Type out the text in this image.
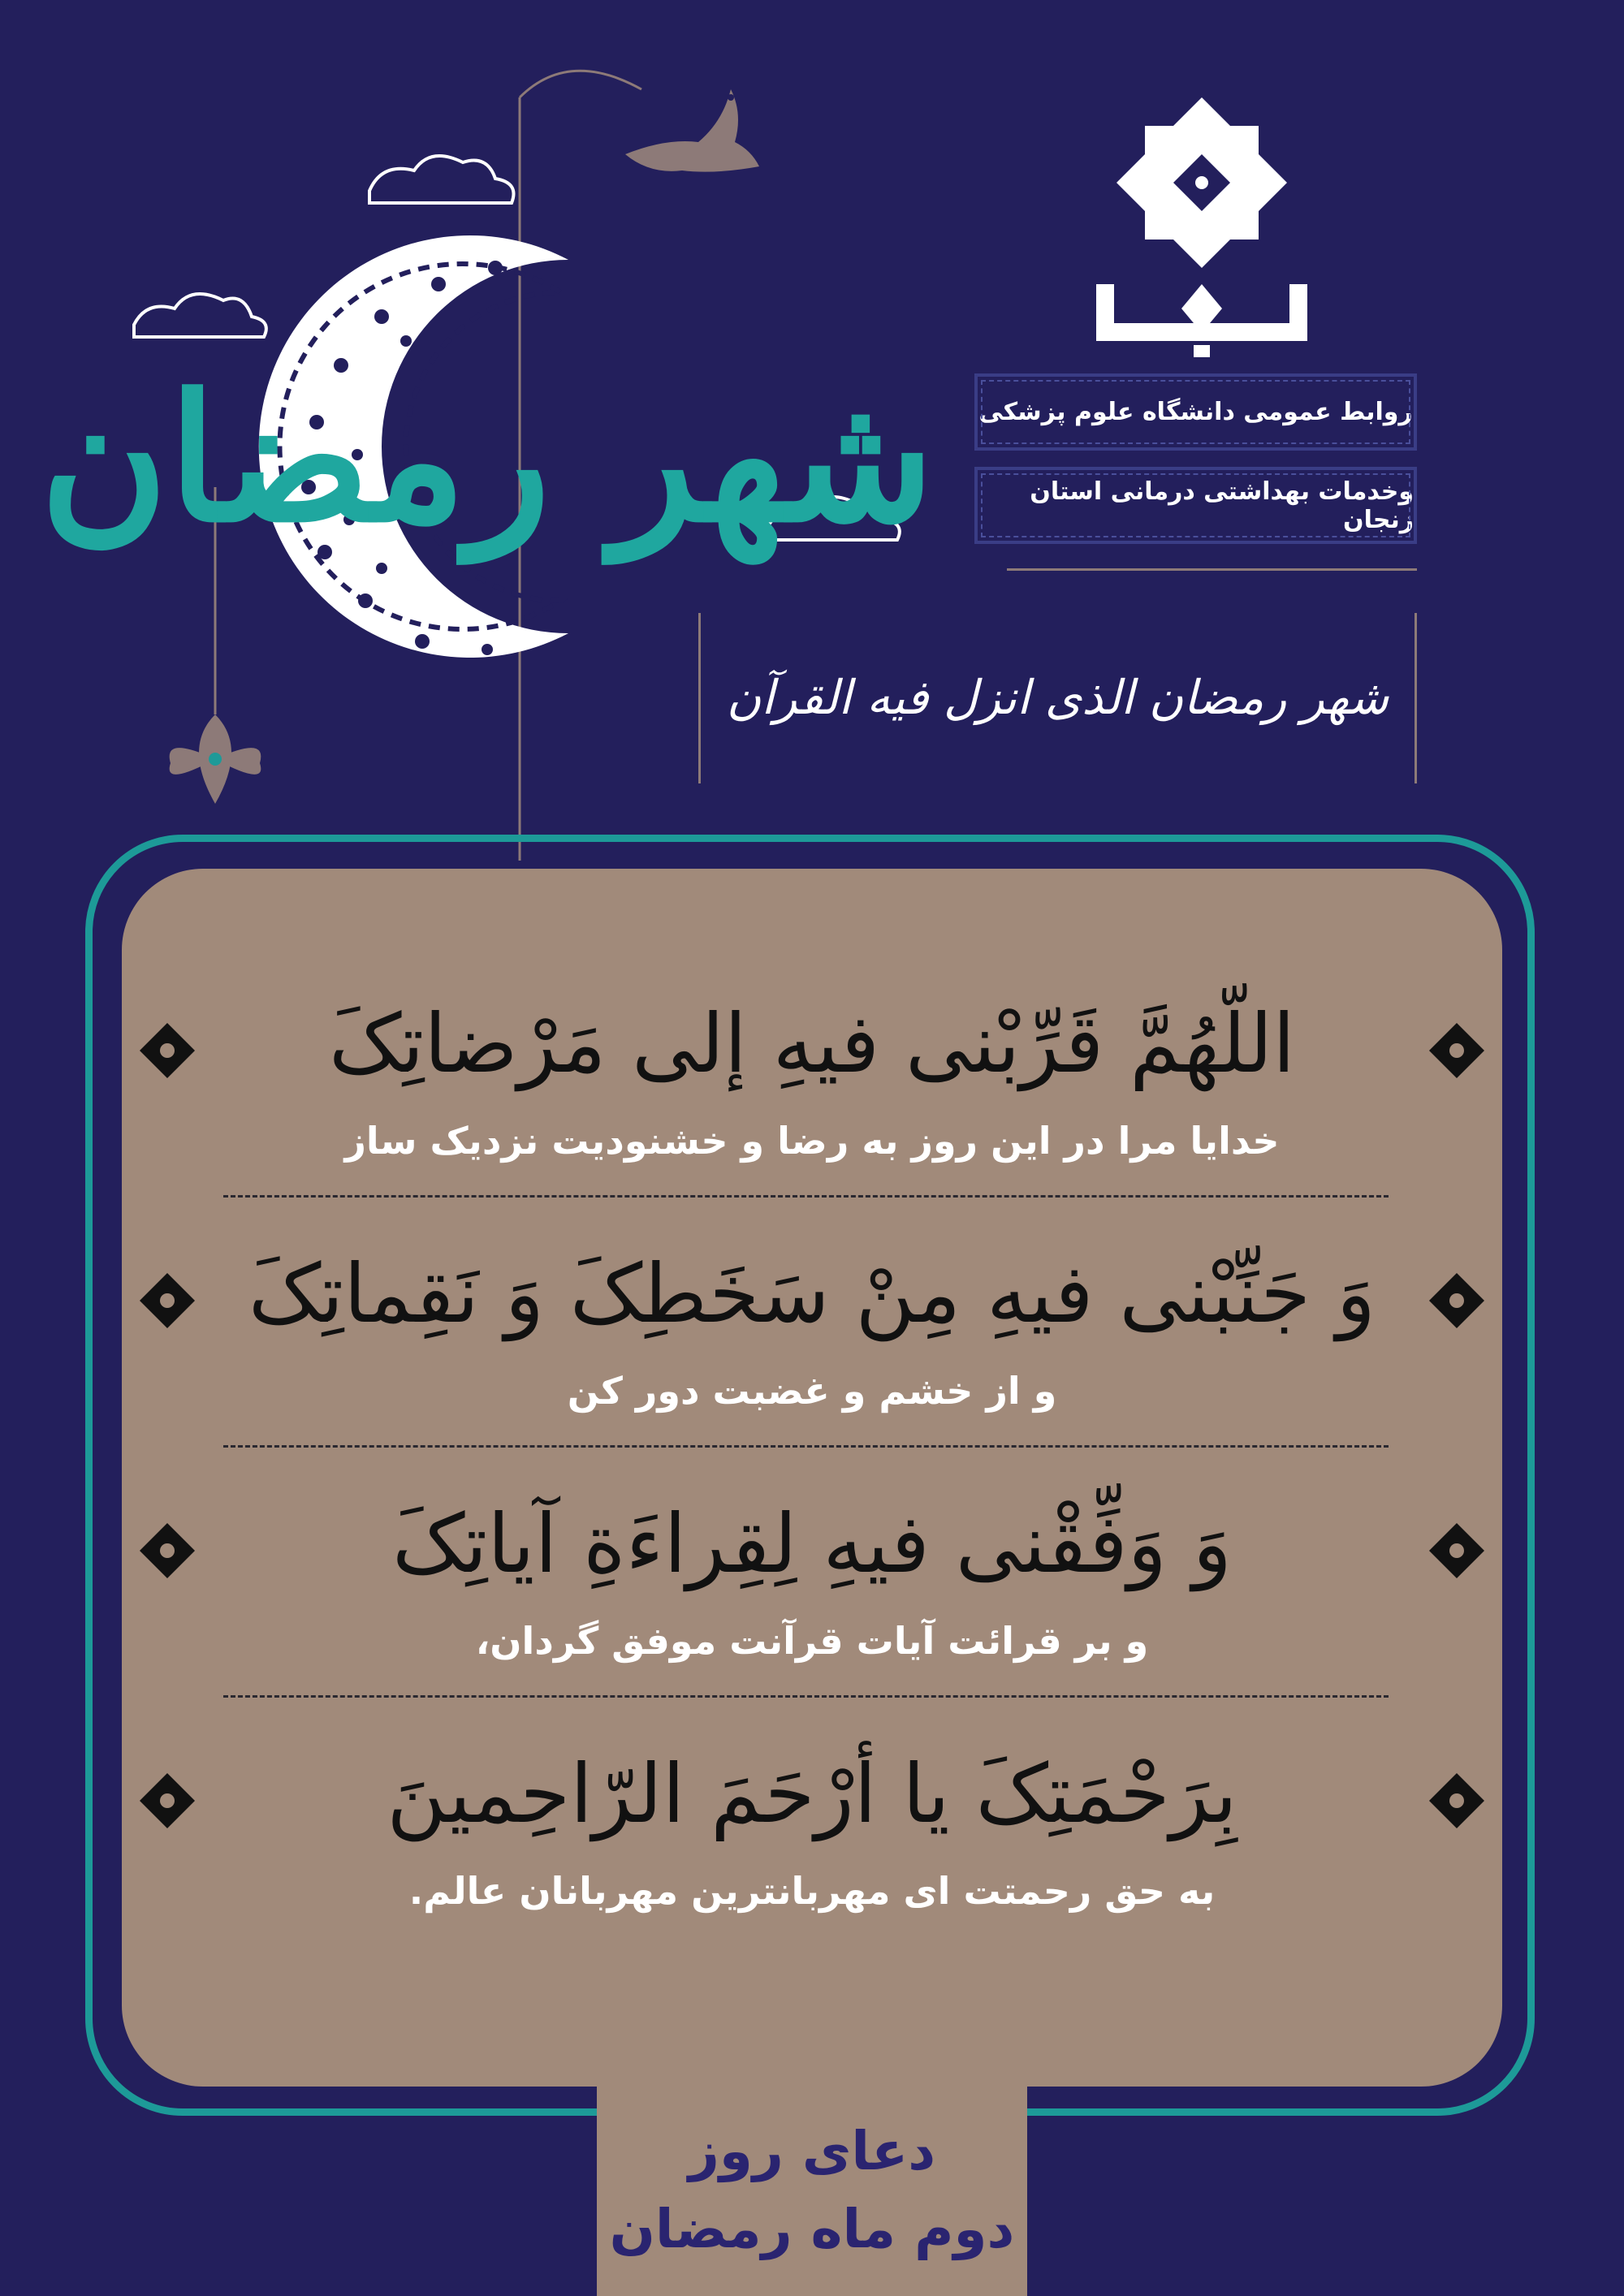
شهر رمضان روابط عمومی دانشگاه علوم پزشکی
وخدمات بهداشتی درمانی استان زنجان
شهر رمضان الذی انزل فیه القرآن
اللّهُمَّ قَرِّبْنی فیهِ إلی مَرْضاتِکَ
خدایا مرا در این روز به رضا و خشنودیت نزدیک ساز
وَ جَنِّبْنی فیهِ مِنْ سَخَطِکَ وَ نَقِماتِکَ
و از خشم و غضبت دور کن
وَ وَفِّقْنی فیهِ لِقِراءَةِ آیاتِکَ
و بر قرائت آیات قرآنت موفق گردان،
بِرَحْمَتِکَ یا أرْحَمَ الرّاحِمینَ
به حق رحمتت ای مهربانترین مهربانان عالم.
دعای روز
دوم ماه رمضان
